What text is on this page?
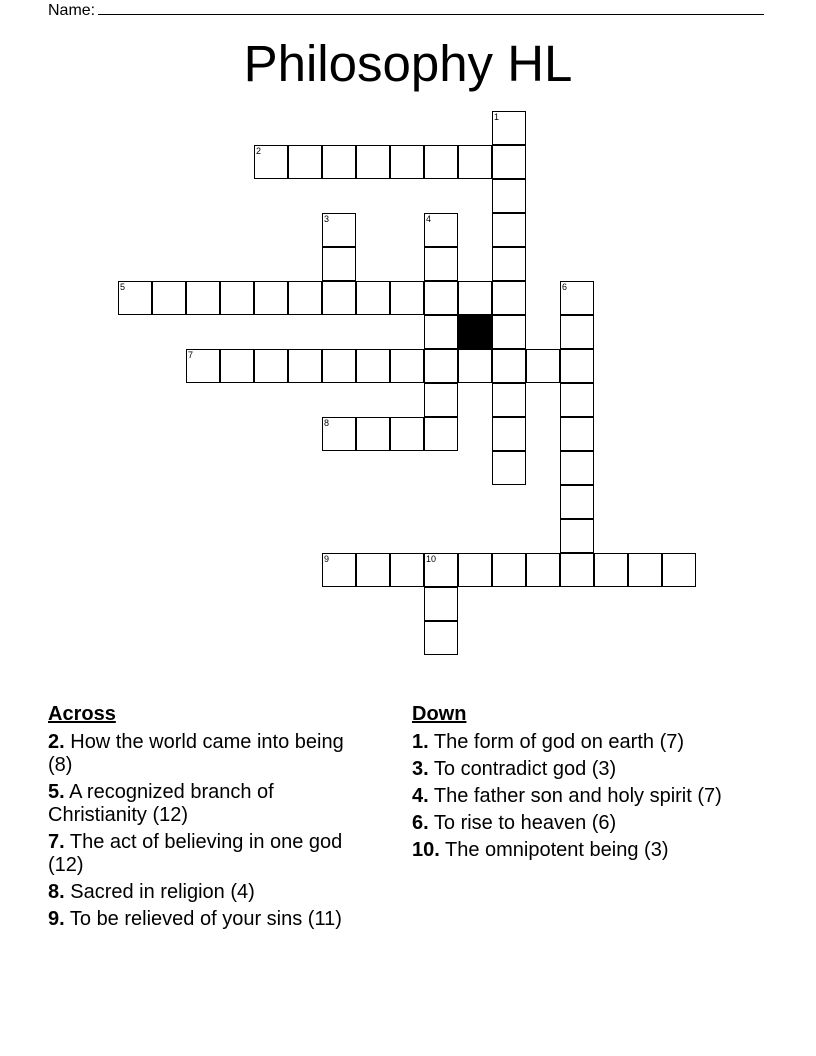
Name:
Philosophy HL
2
5
7
8
9	10
1
3	4
6
Across
2. How the world came into being (8)
5. A recognized branch of Christianity (12)
7. The act of believing in one god (12)
8. Sacred in religion (4)
9. To be relieved of your sins (11)
Down
1. The form of god on earth (7)
3. To contradict god (3)
4. The father son and holy spirit (7)
6. To rise to heaven (6)
10. The omnipotent being (3)
